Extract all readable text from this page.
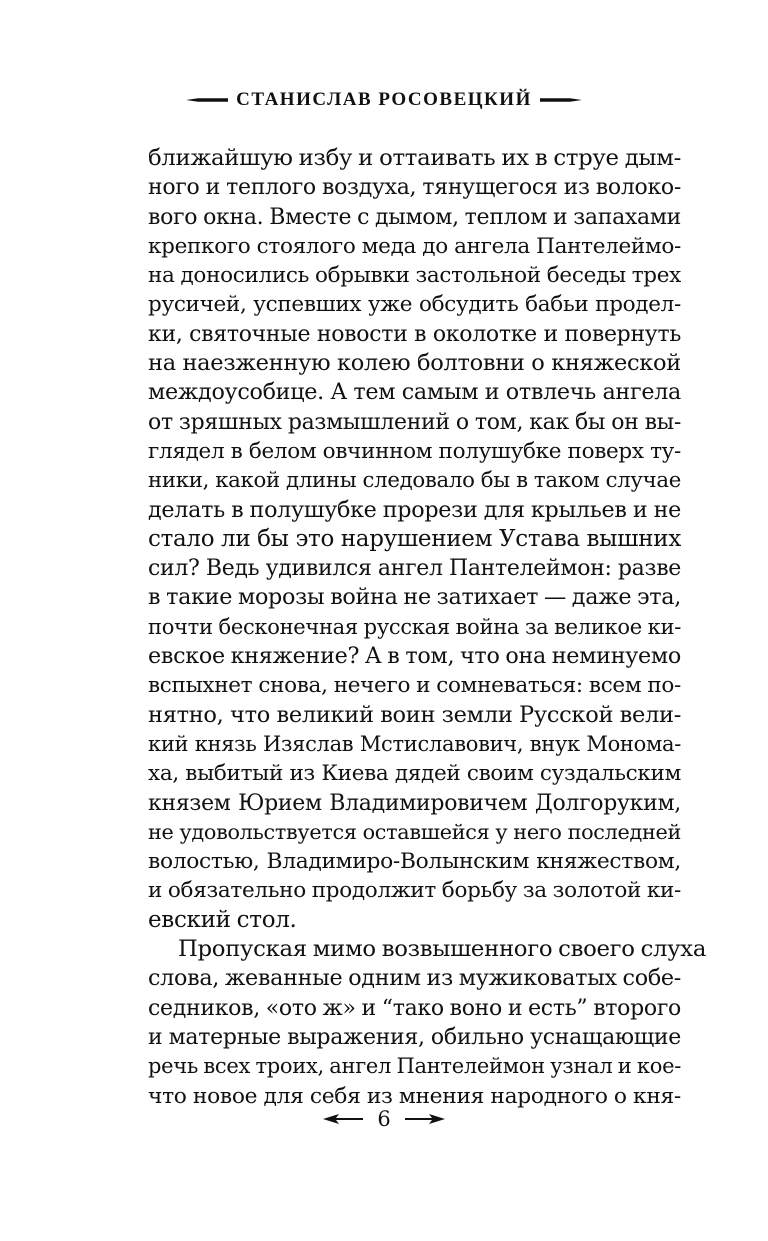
СТАНИСЛАВ РОСОВЕЦКИЙ
ближайшую избу и оттаивать их в струе дым-
ного и теплого воздуха, тянущегося из волоко-
вого окна. Вместе с дымом, теплом и запахами
крепкого стоялого меда до ангела Пантелеймо-
на доносились обрывки застольной беседы трех
русичей, успевших уже обсудить бабьи продел-
ки, святочные новости в околотке и повернуть
на наезженную колею болтовни о княжеской
междоусобице. А тем самым и отвлечь ангела
от зряшных размышлений о том, как бы он вы-
глядел в белом овчинном полушубке поверх ту-
ники, какой длины следовало бы в таком случае
делать в полушубке прорези для крыльев и не
стало ли бы это нарушением Устава вышних
сил? Ведь удивился ангел Пантелеймон: разве
в такие морозы война не затихает — даже эта,
почти бесконечная русская война за великое ки-
евское княжение? А в том, что она неминуемо
вспыхнет снова, нечего и сомневаться: всем по-
нятно, что великий воин земли Русской вели-
кий князь Изяслав Мстиславович, внук Монома-
ха, выбитый из Киева дядей своим суздальским
князем Юрием Владимировичем Долгоруким,
не удовольствуется оставшейся у него последней
волостью, Владимиро-Волынским княжеством,
и обязательно продолжит борьбу за золотой ки-
евский стол.
Пропуская мимо возвышенного своего слуха
слова, жеванные одним из мужиковатых собе-
седников, «ото ж» и “тако воно и есть” второго
и матерные выражения, обильно уснащающие
речь всех троих, ангел Пантелеймон узнал и кое-
что новое для себя из мнения народного о кня-
6
